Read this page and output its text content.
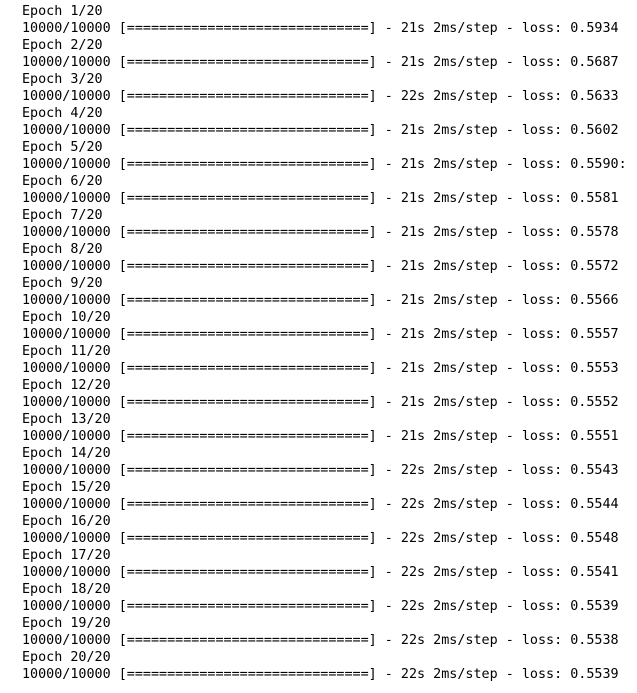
Epoch 1/20
10000/10000 [==============================] - 21s 2ms/step - loss: 0.5934
Epoch 2/20
10000/10000 [==============================] - 21s 2ms/step - loss: 0.5687
Epoch 3/20
10000/10000 [==============================] - 22s 2ms/step - loss: 0.5633
Epoch 4/20
10000/10000 [==============================] - 21s 2ms/step - loss: 0.5602
Epoch 5/20
10000/10000 [==============================] - 21s 2ms/step - loss: 0.5590:
Epoch 6/20
10000/10000 [==============================] - 21s 2ms/step - loss: 0.5581
Epoch 7/20
10000/10000 [==============================] - 21s 2ms/step - loss: 0.5578
Epoch 8/20
10000/10000 [==============================] - 21s 2ms/step - loss: 0.5572
Epoch 9/20
10000/10000 [==============================] - 21s 2ms/step - loss: 0.5566
Epoch 10/20
10000/10000 [==============================] - 21s 2ms/step - loss: 0.5557
Epoch 11/20
10000/10000 [==============================] - 21s 2ms/step - loss: 0.5553
Epoch 12/20
10000/10000 [==============================] - 21s 2ms/step - loss: 0.5552
Epoch 13/20
10000/10000 [==============================] - 21s 2ms/step - loss: 0.5551
Epoch 14/20
10000/10000 [==============================] - 22s 2ms/step - loss: 0.5543
Epoch 15/20
10000/10000 [==============================] - 22s 2ms/step - loss: 0.5544
Epoch 16/20
10000/10000 [==============================] - 22s 2ms/step - loss: 0.5548
Epoch 17/20
10000/10000 [==============================] - 22s 2ms/step - loss: 0.5541
Epoch 18/20
10000/10000 [==============================] - 22s 2ms/step - loss: 0.5539
Epoch 19/20
10000/10000 [==============================] - 22s 2ms/step - loss: 0.5538
Epoch 20/20
10000/10000 [==============================] - 22s 2ms/step - loss: 0.5539
